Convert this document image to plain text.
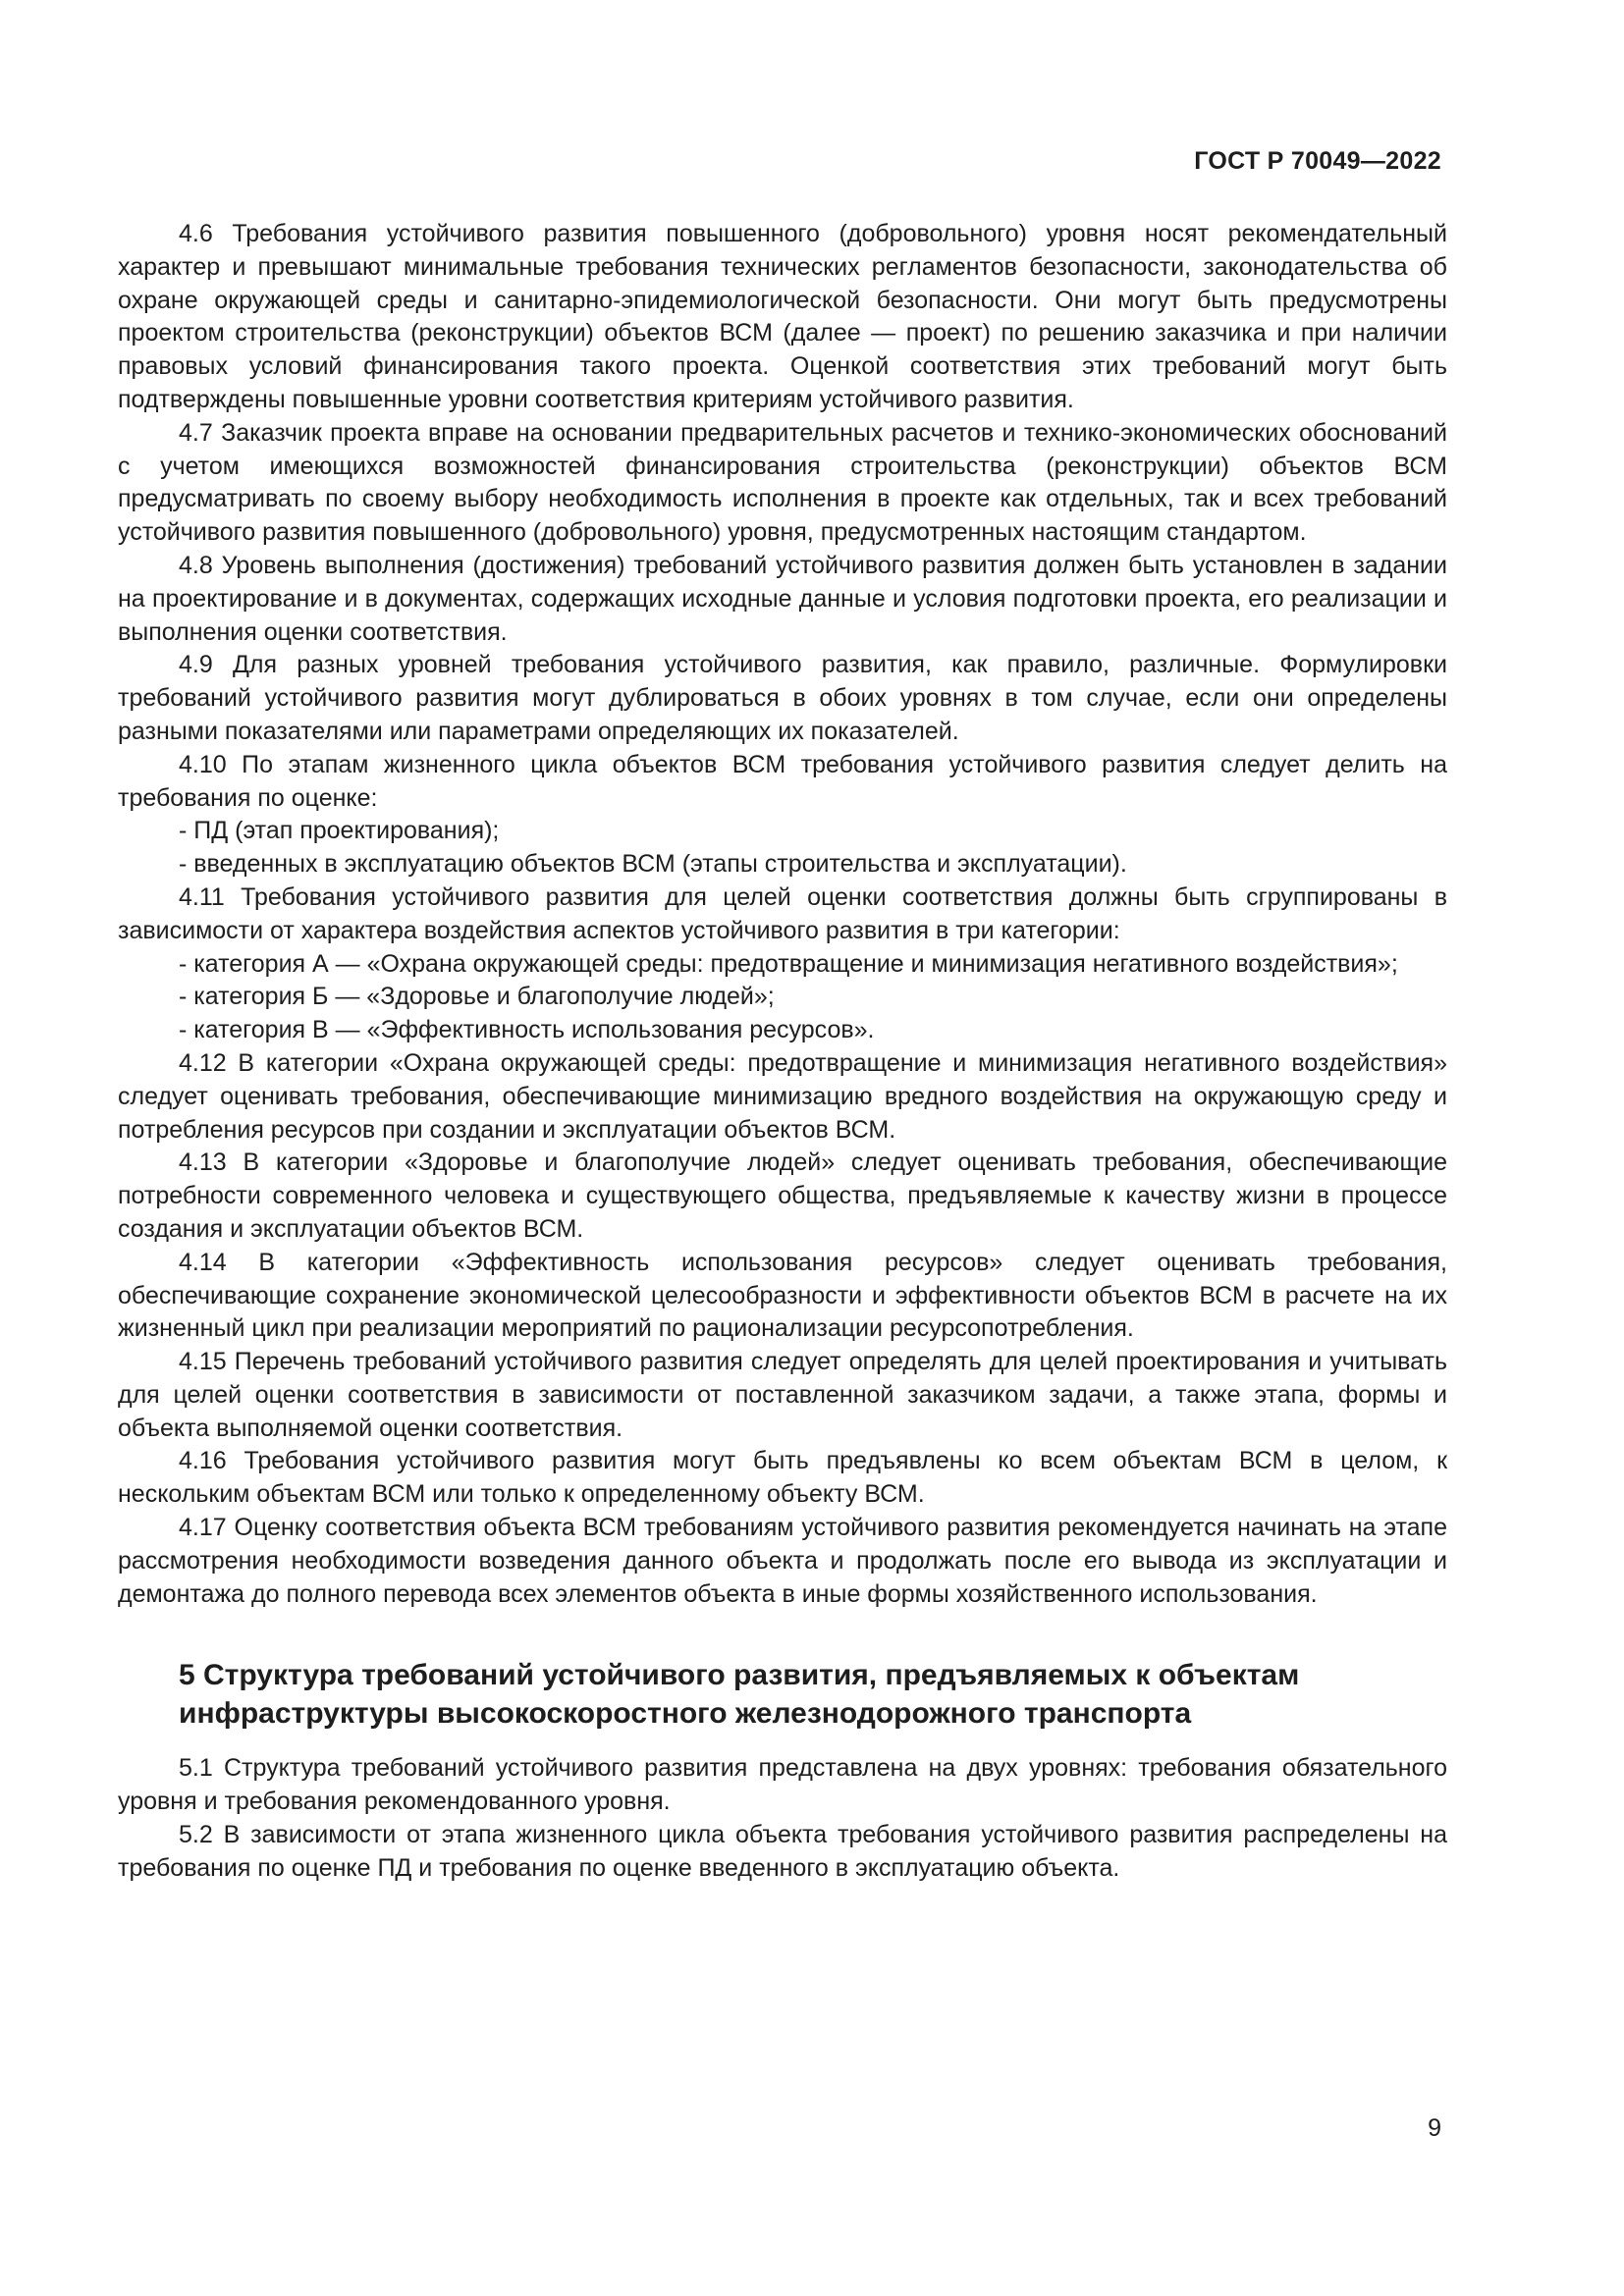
ГОСТ Р 70049—2022

4.6 Требования устойчивого развития повышенного (добровольного) уровня носят рекомендательный характер и превышают минимальные требования технических регламентов безопасности, законодательства об охране окружающей среды и санитарно-эпидемиологической безопасности. Они могут быть предусмотрены проектом строительства (реконструкции) объектов ВСМ (далее — проект) по решению заказчика и при наличии правовых условий финансирования такого проекта. Оценкой соответствия этих требований могут быть подтверждены повышенные уровни соответствия критериям устойчивого развития.

4.7 Заказчик проекта вправе на основании предварительных расчетов и технико-экономических обоснований с учетом имеющихся возможностей финансирования строительства (реконструкции) объектов ВСМ предусматривать по своему выбору необходимость исполнения в проекте как отдельных, так и всех требований устойчивого развития повышенного (добровольного) уровня, предусмотренных настоящим стандартом.

4.8 Уровень выполнения (достижения) требований устойчивого развития должен быть установлен в задании на проектирование и в документах, содержащих исходные данные и условия подготовки проекта, его реализации и выполнения оценки соответствия.

4.9 Для разных уровней требования устойчивого развития, как правило, различные. Формулировки требований устойчивого развития могут дублироваться в обоих уровнях в том случае, если они определены разными показателями или параметрами определяющих их показателей.

4.10 По этапам жизненного цикла объектов ВСМ требования устойчивого развития следует делить на требования по оценке:

- ПД (этап проектирования);

- введенных в эксплуатацию объектов ВСМ (этапы строительства и эксплуатации).

4.11 Требования устойчивого развития для целей оценки соответствия должны быть сгруппированы в зависимости от характера воздействия аспектов устойчивого развития в три категории:

- категория А — «Охрана окружающей среды: предотвращение и минимизация негативного воздействия»;

- категория Б — «Здоровье и благополучие людей»;

- категория В — «Эффективность использования ресурсов».

4.12 В категории «Охрана окружающей среды: предотвращение и минимизация негативного воздействия» следует оценивать требования, обеспечивающие минимизацию вредного воздействия на окружающую среду и потребления ресурсов при создании и эксплуатации объектов ВСМ.

4.13 В категории «Здоровье и благополучие людей» следует оценивать требования, обеспечивающие потребности современного человека и существующего общества, предъявляемые к качеству жизни в процессе создания и эксплуатации объектов ВСМ.

4.14 В категории «Эффективность использования ресурсов» следует оценивать требования, обеспечивающие сохранение экономической целесообразности и эффективности объектов ВСМ в расчете на их жизненный цикл при реализации мероприятий по рационализации ресурсопотребления.

4.15 Перечень требований устойчивого развития следует определять для целей проектирования и учитывать для целей оценки соответствия в зависимости от поставленной заказчиком задачи, а также этапа, формы и объекта выполняемой оценки соответствия.

4.16 Требования устойчивого развития могут быть предъявлены ко всем объектам ВСМ в целом, к нескольким объектам ВСМ или только к определенному объекту ВСМ.

4.17 Оценку соответствия объекта ВСМ требованиям устойчивого развития рекомендуется начинать на этапе рассмотрения необходимости возведения данного объекта и продолжать после его вывода из эксплуатации и демонтажа до полного перевода всех элементов объекта в иные формы хозяйственного использования.

5 Структура требований устойчивого развития, предъявляемых к объектам инфраструктуры высокоскоростного железнодорожного транспорта

5.1 Структура требований устойчивого развития представлена на двух уровнях: требования обязательного уровня и требования рекомендованного уровня.

5.2 В зависимости от этапа жизненного цикла объекта требования устойчивого развития распределены на требования по оценке ПД и требования по оценке введенного в эксплуатацию объекта.

9
